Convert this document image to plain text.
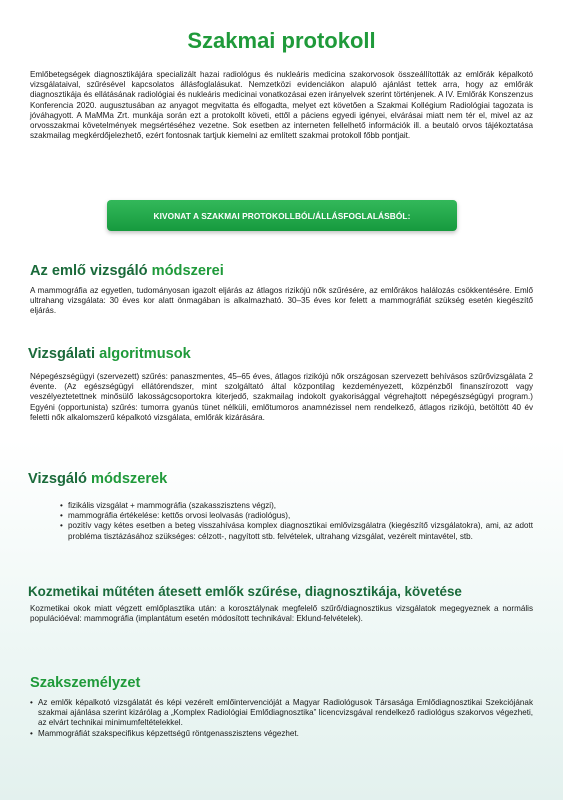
Szakmai protokoll

Emlőbetegségek diagnosztikájára specializált hazai radiológus és nukleáris medicina szakorvosok összeállították az emlőrák képalkotó vizsgálataival, szűrésével kapcsolatos állásfoglalásukat. Nemzetközi evidenciákon alapuló ajánlást tettek arra, hogy az emlőrák diagnosztikája és ellátásának radiológiai és nukleáris medicinai vonatkozásai ezen irányelvek szerint történjenek. A IV. Emlőrák Konszenzus Konferencia 2020. augusztusában az anyagot megvitatta és elfogadta, melyet ezt követően a Szakmai Kollégium Radiológiai tagozata is jóváhagyott. A MaMMa Zrt. munkája során ezt a protokollt követi, ettől a páciens egyedi igényei, elvárásai miatt nem tér el, mivel az az orvosszakmai követelmények megsértéséhez vezetne. Sok esetben az interneten fellelhető információk ill. a beutaló orvos tájékoztatása szakmailag megkérdőjelezhető, ezért fontosnak tartjuk kiemelni az említett szakmai protokoll főbb pontjait.

KIVONAT A SZAKMAI PROTOKOLLBÓL/ÁLLÁSFOGLALÁSBÓL:
Az emlő vizsgáló módszerei

A mammográfia az egyetlen, tudományosan igazolt eljárás az átlagos rizikójú nők szűrésére, az emlőrákos halálozás csökkentésére. Emlő ultrahang vizsgálata: 30 éves kor alatt önmagában is alkalmazható. 30–35 éves kor felett a mammográfiát szükség esetén kiegészítő eljárás.

Vizsgálati algoritmusok

Népegészségügyi (szervezett) szűrés: panaszmentes, 45–65 éves, átlagos rizikójú nők országosan szervezett behívásos szűrővizsgálata 2 évente. (Az egészségügyi ellátórendszer, mint szolgáltató által központilag kezdeményezett, közpénzből finanszírozott vagy veszélyeztetettnek minősülő lakosságcsoportokra kiterjedő, szakmailag indokolt gyakorisággal végrehajtott népegészségügyi program.) Egyéni (opportunista) szűrés: tumorra gyanús tünet nélküli, emlőtumoros anamnézissel nem rendelkező, átlagos rizikójú, betöltött 40 év feletti nők alkalomszerű képalkotó vizsgálata, emlőrák kizárására.

Vizsgáló módszerek
• fizikális vizsgálat + mammográfia (szakasszisztens végzi),
• mammográfia értékelése: kettős orvosi leolvasás (radiológus),
• pozitív vagy kétes esetben a beteg visszahívása komplex diagnosztikai emlővizsgálatra (kiegészítő vizsgálatokra), ami, az adott probléma tisztázásához szükséges: célzott-, nagyított stb. felvételek, ultrahang vizsgálat, vezérelt mintavétel, stb.
Kozmetikai műtéten átesett emlők szűrése, diagnosztikája, követése

Kozmetikai okok miatt végzett emlőplasztika után: a korosztálynak megfelelő szűrő/diagnosztikus vizsgálatok megegyeznek a normális populációéval: mammográfia (implantátum esetén módosított technikával: Eklund-felvételek).

Szakszemélyzet
• Az emlők képalkotó vizsgálatát és képi vezérelt emlőintervencióját a Magyar Radiológusok Társasága Emlődiagnosztikai Szekciójának szakmai ajánlása szerint kizárólag a „Komplex Radiológiai Emlődiagnosztika” licencvizsgával rendelkező radiológus szakorvos végezheti, az elvárt technikai minimumfeltételekkel.
• Mammográfiát szakspecifikus képzettségű röntgenasszisztens végezhet.
